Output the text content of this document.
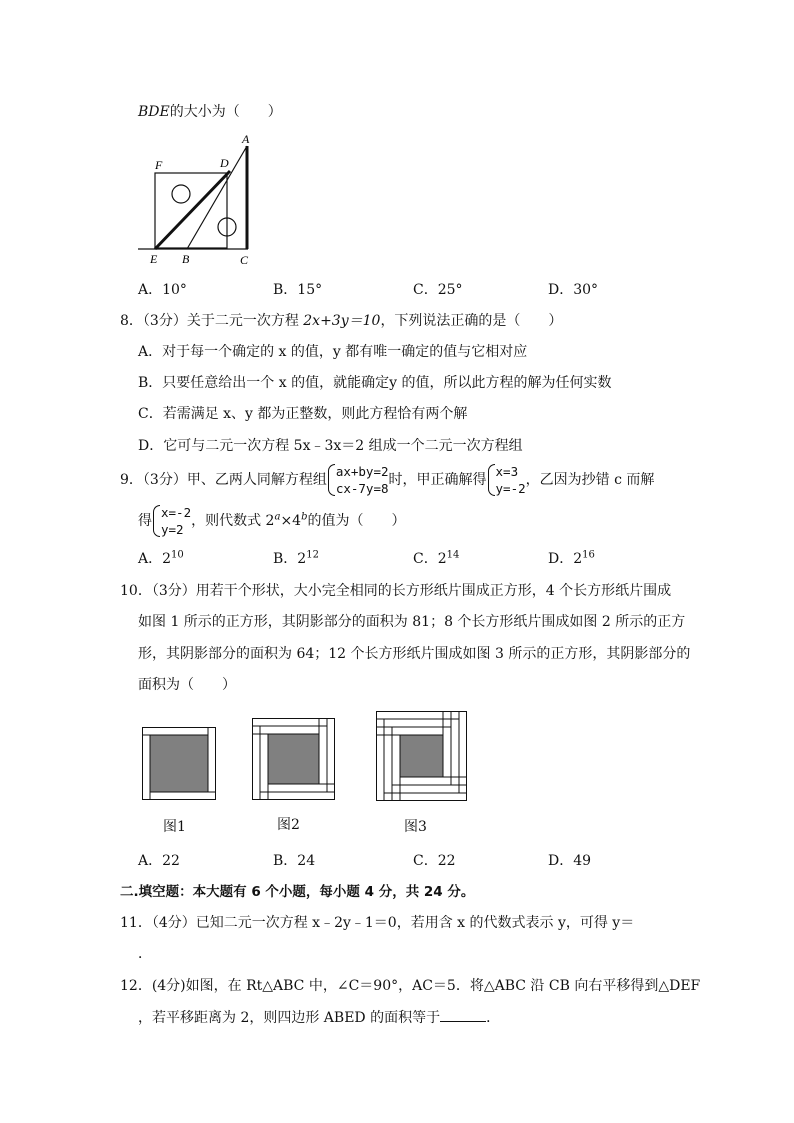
BDE的大小为（　　）
A
F	D
E B	C
A．10°	B．15°	C．25°	D．30°
8．（3分）关于二元一次方程 2x+3y＝10，下列说法正确的是（　　）
A．对于每一个确定的 x 的值，y 都有唯一确定的值与它相对应
B．只要任意给出一个 x 的值，就能确定y 的值，所以此方程的解为任何实数
C．若需满足 x、y 都为正整数，则此方程恰有两个解
D．它可与二元一次方程 5x﹣3x＝2 组成一个二元一次方程组
9．（3分）甲、乙两人同解方程组
ax+by=2
cx-7y=8
时，甲正确解得
x=3
y=-2
，乙因为抄错 c 而解
得
x=-2
y=2
，则代数式 $2^a\times 4^b$的值为（　　）
A．$2^{10}$	B．$2^{12}$	C．$2^{14}$	D．$2^{16}$
10．（3分）用若干个形状，大小完全相同的长方形纸片围成正方形，4 个长方形纸片围成
如图 1 所示的正方形，其阴影部分的面积为 81；8 个长方形纸片围成如图 2 所示的正方
形，其阴影部分的面积为 64；12 个长方形纸片围成如图 3 所示的正方形，其阴影部分的
面积为（　　）
图1	图2	图3
A．22	B．24	C．22	D．49
二.填空题：本大题有 6 个小题，每小题 4 分，共 24 分。
11．（4分）已知二元一次方程 x﹣2y﹣1＝0，若用含 x 的代数式表示 y，可得 y＝
．
12．(4分)如图，在 Rt△ABC 中，∠C＝90°，AC＝5．将△ABC 沿 CB 向右平移得到△DEF
，若平移距离为 2，则四边形 ABED 的面积等于	．
